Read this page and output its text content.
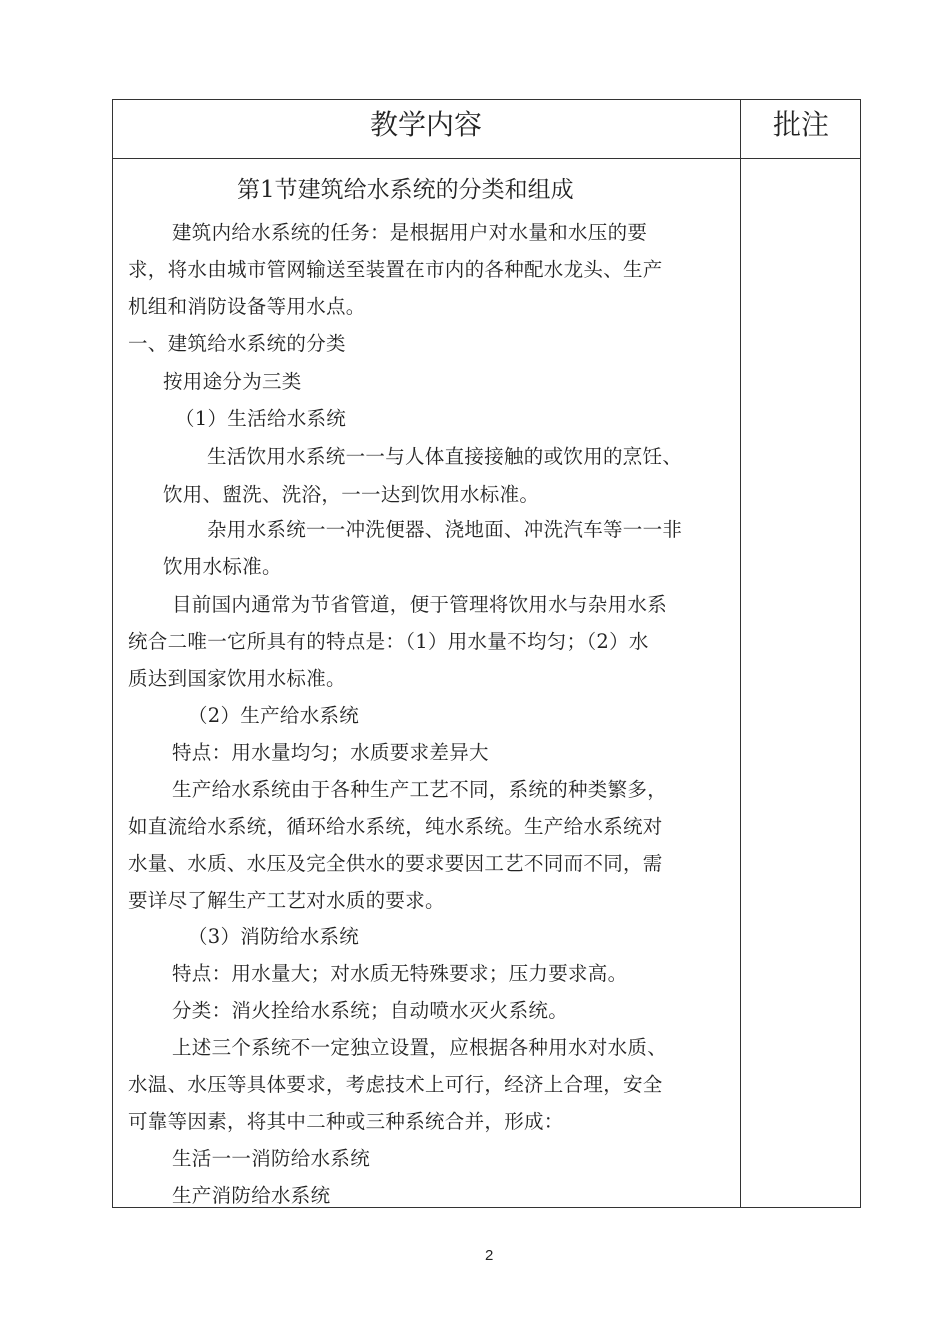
教学内容	批注
第1节建筑给水系统的分类和组成
建筑内给水系统的任务：是根据用户对水量和水压的要
求，将水由城市管网输送至装置在市内的各种配水龙头、生产
机组和消防设备等用水点。
一、建筑给水系统的分类
按用途分为三类
（1）生活给水系统
生活饮用水系统一一与人体直接接触的或饮用的烹饪、
饮用、盥洗、洗浴，一一达到饮用水标准。
杂用水系统一一冲洗便器、浇地面、冲洗汽车等一一非
饮用水标准。
目前国内通常为节省管道，便于管理将饮用水与杂用水系
统合二唯一它所具有的特点是：（1）用水量不均匀；（2）水
质达到国家饮用水标准。
（2）生产给水系统
特点：用水量均匀；水质要求差异大
生产给水系统由于各种生产工艺不同，系统的种类繁多，
如直流给水系统，循环给水系统，纯水系统。生产给水系统对
水量、水质、水压及完全供水的要求要因工艺不同而不同，需
要详尽了解生产工艺对水质的要求。
（3）消防给水系统
特点：用水量大；对水质无特殊要求；压力要求高。
分类：消火拴给水系统；自动喷水灭火系统。
上述三个系统不一定独立设置，应根据各种用水对水质、
水温、水压等具体要求，考虑技术上可行，经济上合理，安全
可靠等因素，将其中二种或三种系统合并，形成：
生活一一消防给水系统
生产消防给水系统
2
